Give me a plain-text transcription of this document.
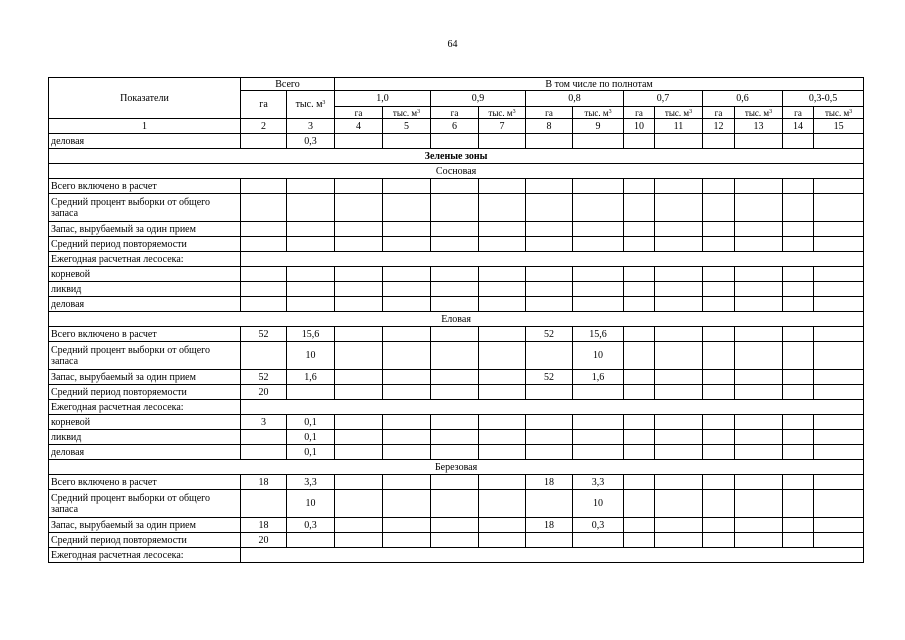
64
Показатели	Всего		В том числе по полнотам											
	га	тыс. $м^3$	1,0		0,9		0,8		0,7		0,6		0,3-0,5	
			га	тыс. $м^3$	га	тыс. $м^3$	га	тыс. $м^3$	га	тыс. $м^3$	га	тыс. $м^3$	га	тыс. $м^3$
1	2	3	4	5	6	7	8	9	10	11	12	13	14	15
деловая		0,3												
Зеленые зоны														
Сосновая														
Всего включено в расчет														
Средний процент выборки от общего запаса														
Запас, вырубаемый за один прием														
Средний период повторяемости														
Ежегодная расчетная лесосека:														
корневой														
ликвид														
деловая														
Еловая														
Всего включено в расчет	52	15,6					52	15,6						
Средний процент выборки от общего запаса		10						10						
Запас, вырубаемый за один прием	52	1,6					52	1,6						
Средний период повторяемости	20													
Ежегодная расчетная лесосека:														
корневой	3	0,1												
ликвид		0,1												
деловая		0,1												
Березовая														
Всего включено в расчет	18	3,3					18	3,3						
Средний процент выборки от общего запаса		10						10						
Запас, вырубаемый за один прием	18	0,3					18	0,3						
Средний период повторяемости	20													
Ежегодная расчетная лесосека:														
